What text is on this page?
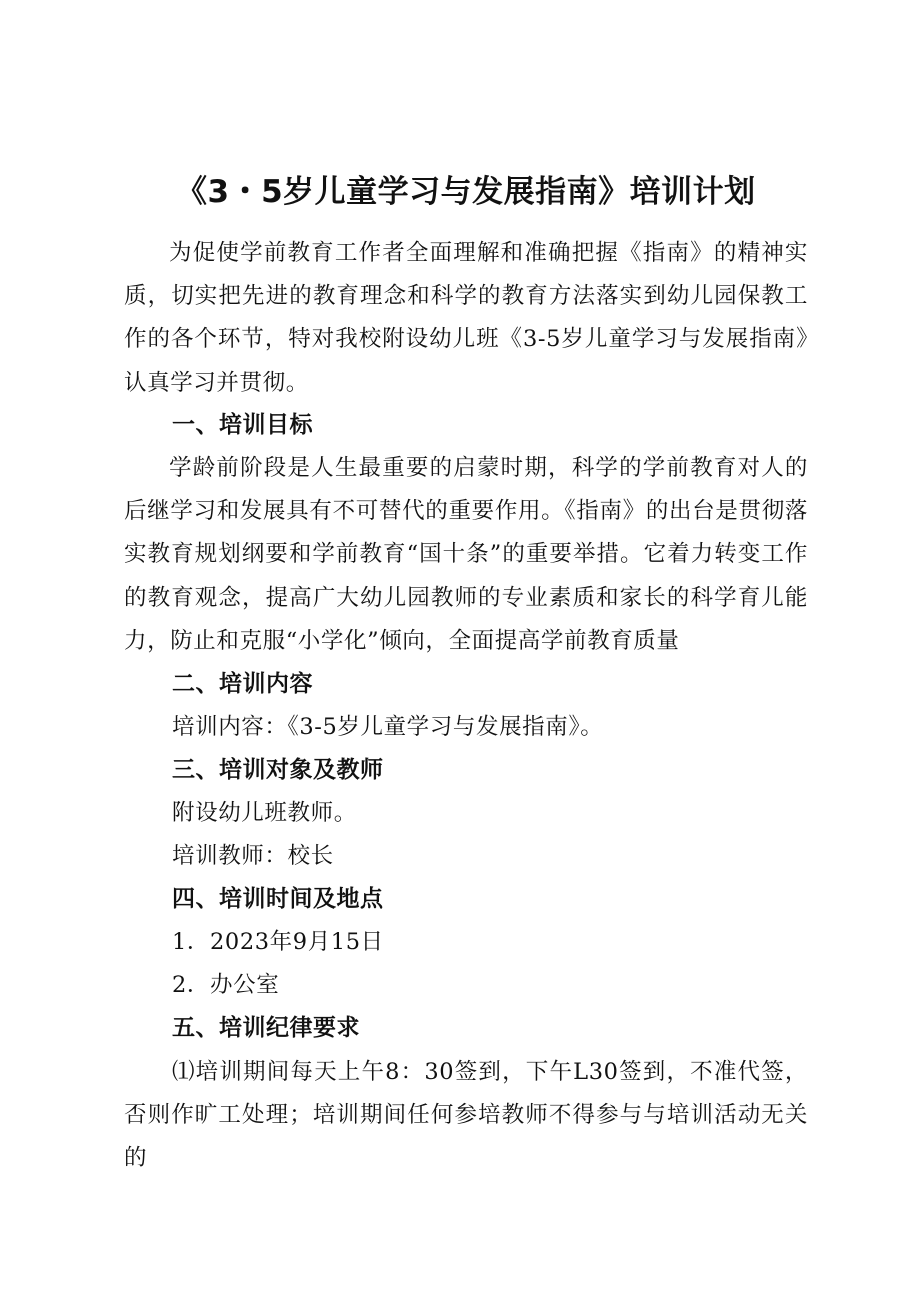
《3・5岁儿童学习与发展指南》培训计划
为促使学前教育工作者全面理解和准确把握《指南》的精神实质，切实把先进的教育理念和科学的教育方法落实到幼儿园保教工作的各个环节，特对我校附设幼儿班《3-5岁儿童学习与发展指南》认真学习并贯彻。
一、培训目标
学龄前阶段是人生最重要的启蒙时期，科学的学前教育对人的后继学习和发展具有不可替代的重要作用。《指南》的出台是贯彻落实教育规划纲要和学前教育“国十条”的重要举措。它着力转变工作的教育观念，提高广大幼儿园教师的专业素质和家长的科学育儿能力，防止和克服“小学化”倾向，全面提高学前教育质量
二、培训内容
培训内容：《3-5岁儿童学习与发展指南》。
三、培训对象及教师
附设幼儿班教师。
培训教师：校长
四、培训时间及地点
1．2023年9月15日
2．办公室
五、培训纪律要求
⑴培训期间每天上午8：30签到，下午L30签到，不准代签，否则作旷工处理；培训期间任何参培教师不得参与与培训活动无关的
